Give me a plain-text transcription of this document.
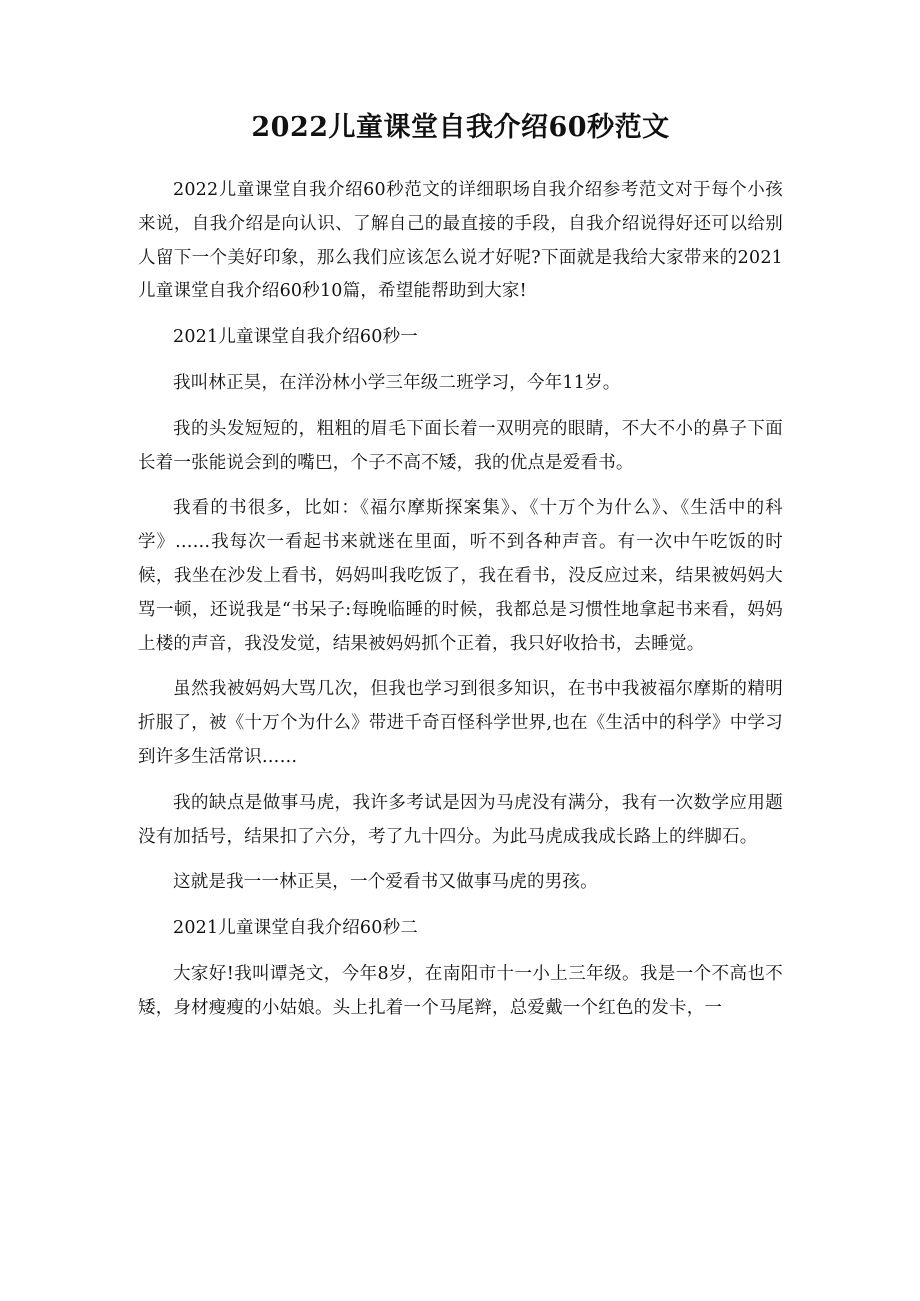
2022儿童课堂自我介绍60秒范文

2022儿童课堂自我介绍60秒范文的详细职场自我介绍参考范文对于每个小孩来说，自我介绍是向认识、了解自己的最直接的手段，自我介绍说得好还可以给别人留下一个美好印象，那么我们应该怎么说才好呢?下面就是我给大家带来的2021儿童课堂自我介绍60秒10篇，希望能帮助到大家!

2021儿童课堂自我介绍60秒一

我叫林正昊，在洋汾林小学三年级二班学习，今年11岁。

我的头发短短的，粗粗的眉毛下面长着一双明亮的眼睛，不大不小的鼻子下面长着一张能说会到的嘴巴，个子不高不矮，我的优点是爱看书。

我看的书很多，比如：《福尔摩斯探案集》、《十万个为什么》、《生活中的科学》……我每次一看起书来就迷在里面，听不到各种声音。有一次中午吃饭的时候，我坐在沙发上看书，妈妈叫我吃饭了，我在看书，没反应过来，结果被妈妈大骂一顿，还说我是“书呆子:每晚临睡的时候，我都总是习惯性地拿起书来看，妈妈上楼的声音，我没发觉，结果被妈妈抓个正着，我只好收拾书，去睡觉。

虽然我被妈妈大骂几次，但我也学习到很多知识，在书中我被福尔摩斯的精明折服了，被《十万个为什么》带进千奇百怪科学世界,也在《生活中的科学》中学习到许多生活常识……

我的缺点是做事马虎，我许多考试是因为马虎没有满分，我有一次数学应用题没有加括号，结果扣了六分，考了九十四分。为此马虎成我成长路上的绊脚石。

这就是我一一林正昊，一个爱看书又做事马虎的男孩。

2021儿童课堂自我介绍60秒二

大家好!我叫谭尧文，今年8岁，在南阳市十一小上三年级。我是一个不高也不矮，身材瘦瘦的小姑娘。头上扎着一个马尾辫，总爱戴一个红色的发卡，一
